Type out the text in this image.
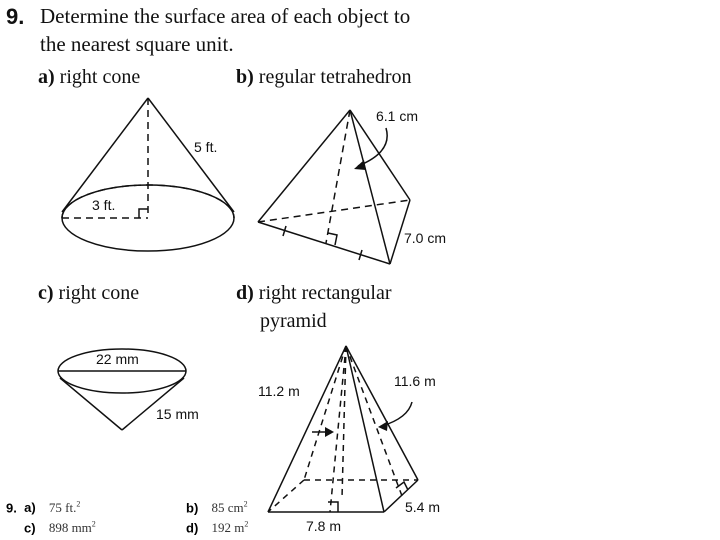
9. Determine the surface area of each object to
the nearest square unit.
a) right cone	b) regular tetrahedron
c) right cone	d) right rectangular
pyramid
5 ft.
3 ft.
6.1 cm
7.0 cm
22 mm
15 mm
11.2 m
11.6 m
5.4 m
7.8 m
9. a) 75 ft.$^2$	b) 85 $cm^2$
c) 898 $mm^2$	d) 192 $m^2$
